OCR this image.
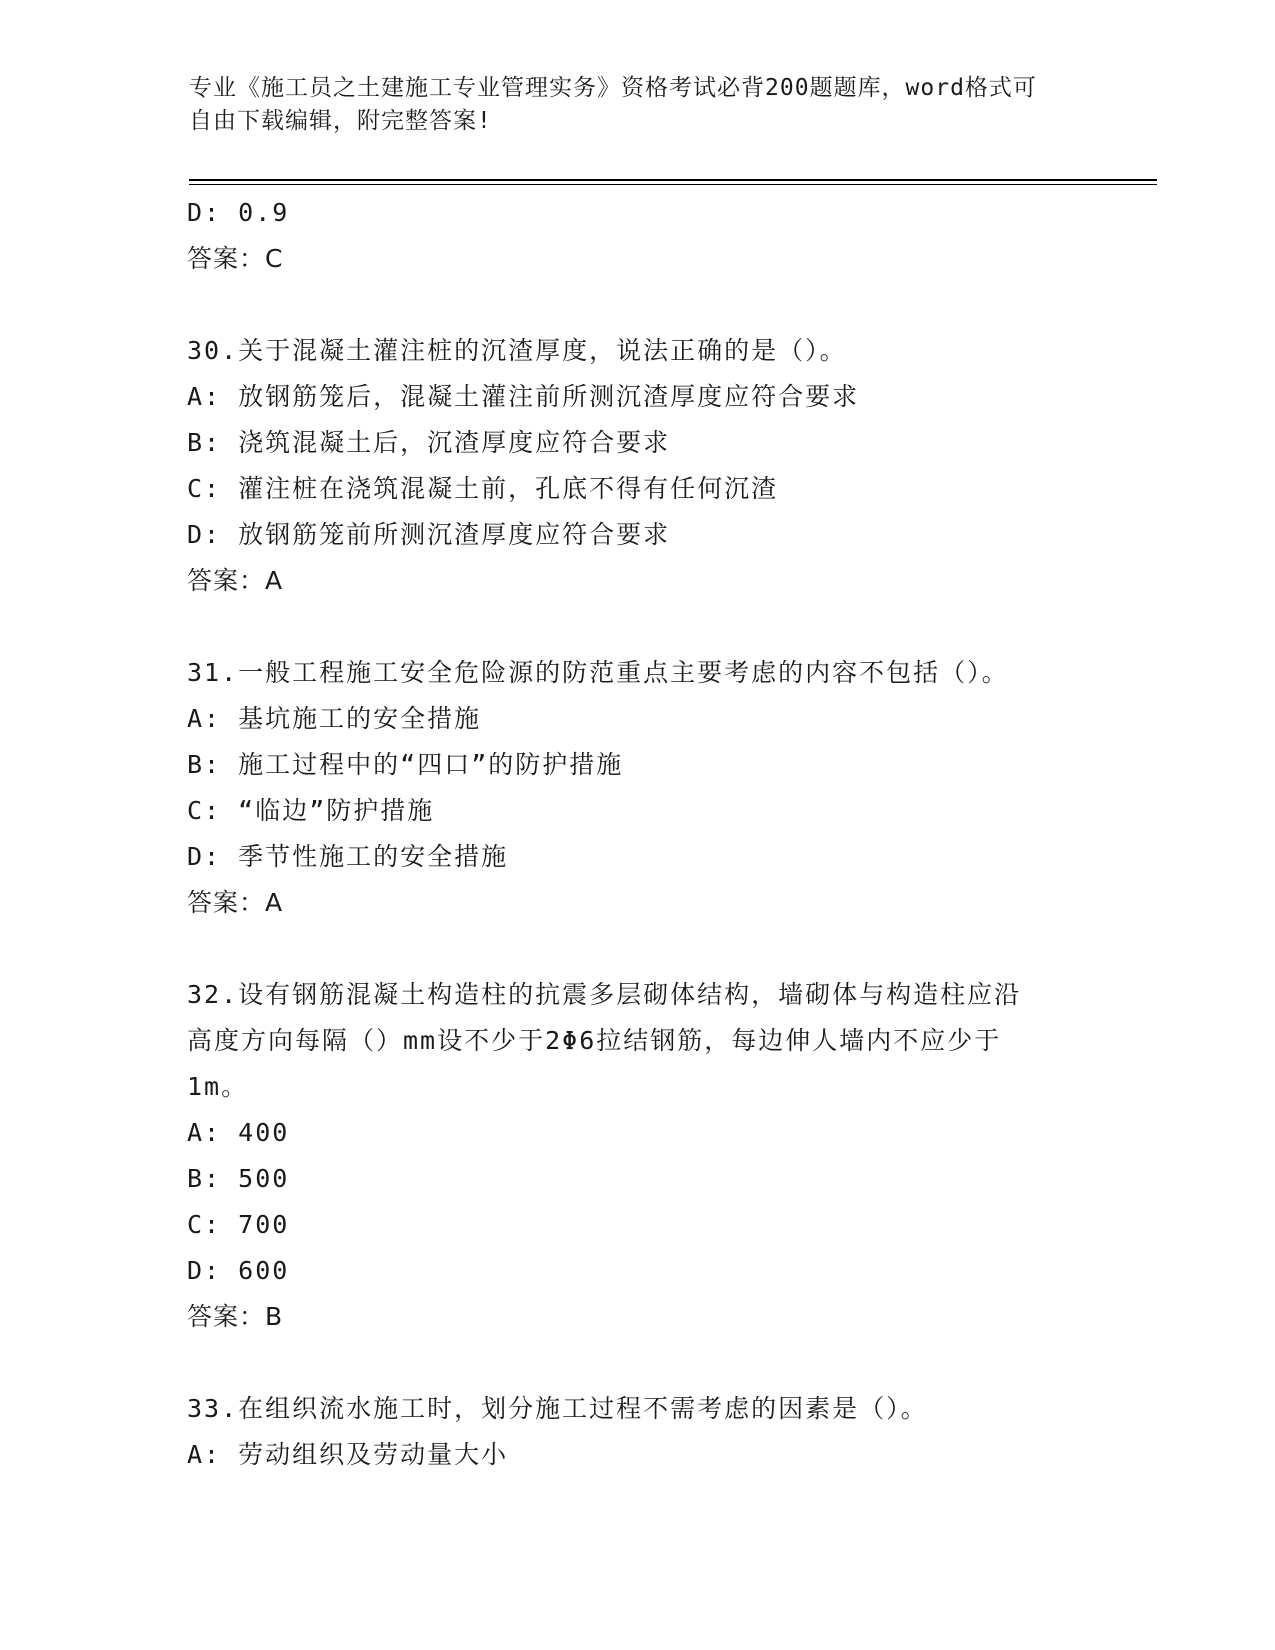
专业《施工员之土建施工专业管理实务》资格考试必背200题题库，word格式可
自由下载编辑，附完整答案!
D: 0.9
答案：C
30.关于混凝土灌注桩的沉渣厚度，说法正确的是（）。
A: 放钢筋笼后，混凝土灌注前所测沉渣厚度应符合要求
B: 浇筑混凝土后，沉渣厚度应符合要求
C: 灌注桩在浇筑混凝土前，孔底不得有任何沉渣
D: 放钢筋笼前所测沉渣厚度应符合要求
答案：A
31.一般工程施工安全危险源的防范重点主要考虑的内容不包括（）。
A: 基坑施工的安全措施
B: 施工过程中的“四口”的防护措施
C: “临边”防护措施
D: 季节性施工的安全措施
答案：A
32.设有钢筋混凝土构造柱的抗震多层砌体结构，墙砌体与构造柱应沿
高度方向每隔（）mm设不少于2Φ6拉结钢筋，每边伸人墙内不应少于
1m。
A: 400
B: 500
C: 700
D: 600
答案：B
33.在组织流水施工时，划分施工过程不需考虑的因素是（）。
A: 劳动组织及劳动量大小
